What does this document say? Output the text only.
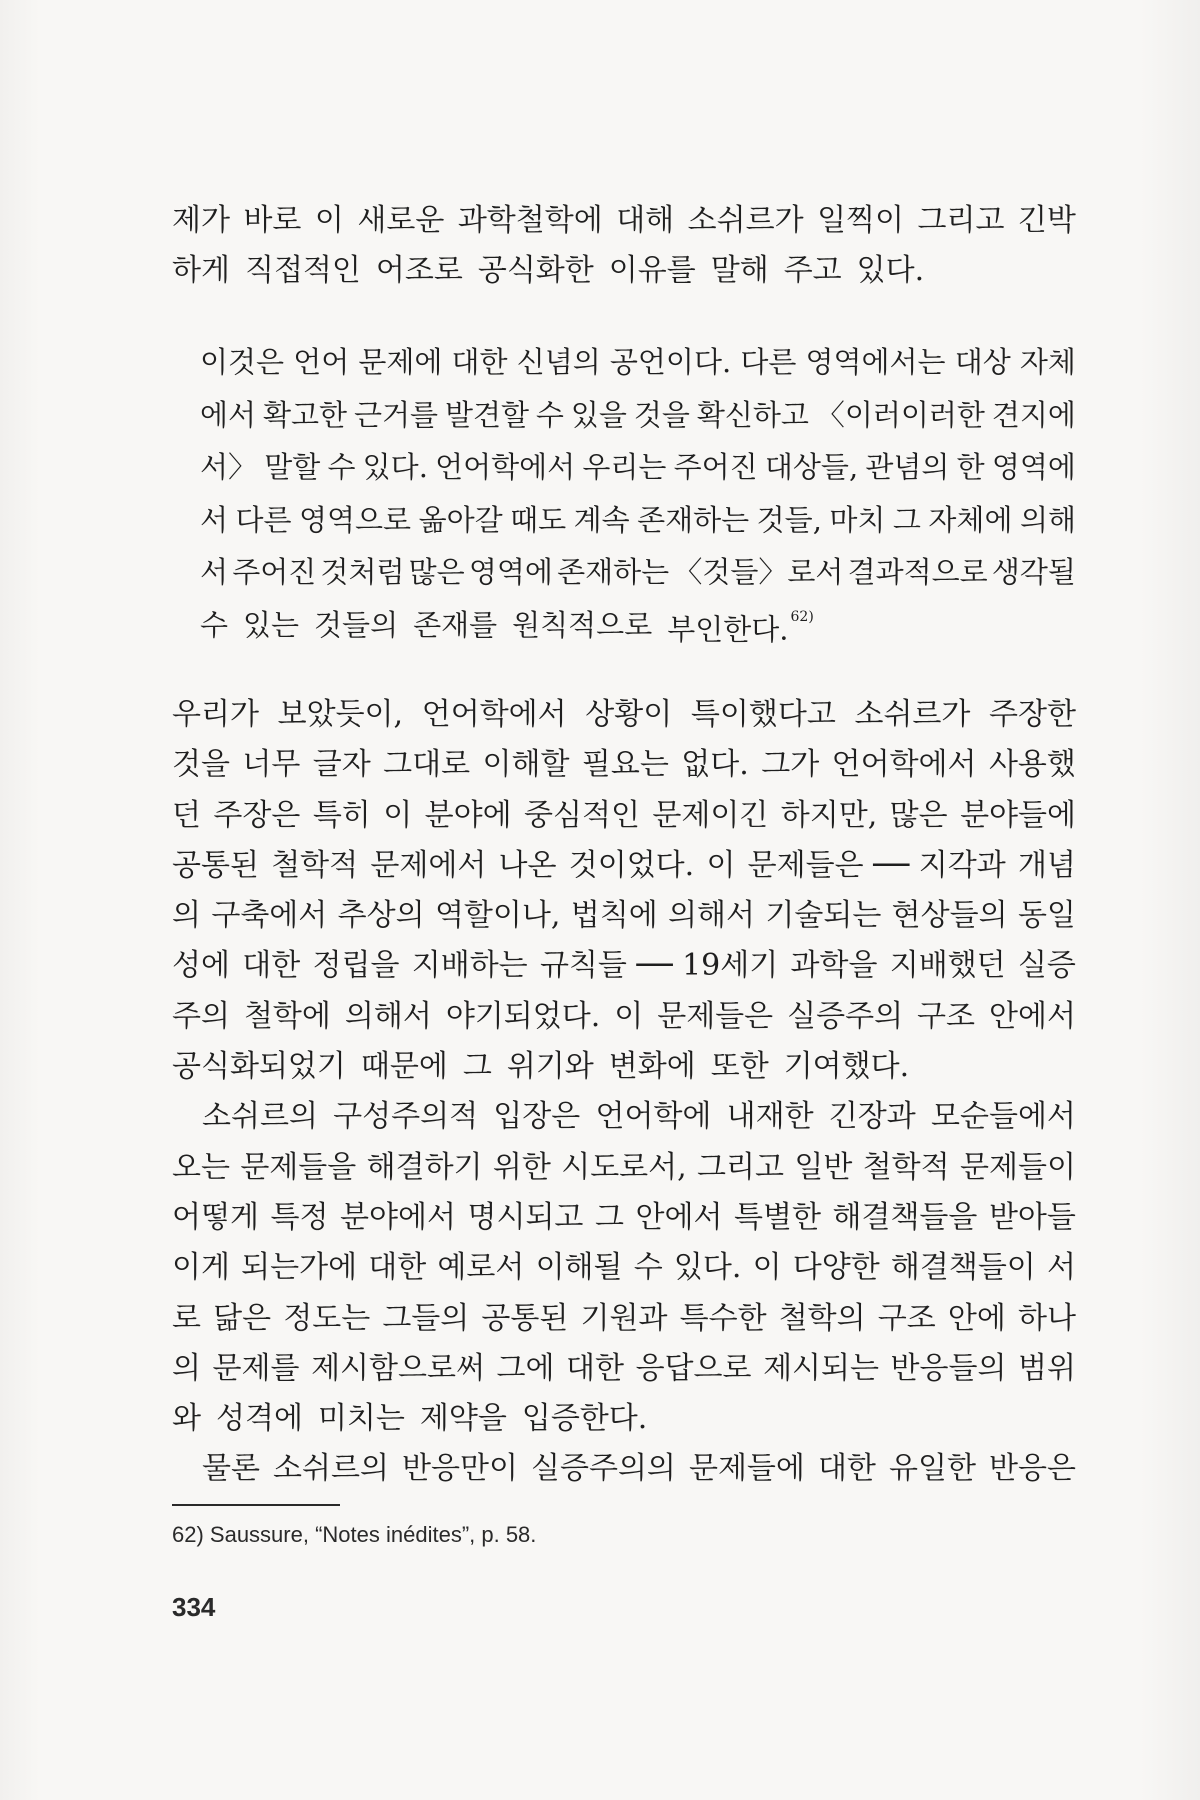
제가 바로 이 새로운 과학철학에 대해 소쉬르가 일찍이 그리고 긴박
하게 직접적인 어조로 공식화한 이유를 말해 주고 있다.
이것은 언어 문제에 대한 신념의 공언이다. 다른 영역에서는 대상 자체
에서 확고한 근거를 발견할 수 있을 것을 확신하고 〈이러이러한 견지에
서〉 말할 수 있다. 언어학에서 우리는 주어진 대상들, 관념의 한 영역에
서 다른 영역으로 옮아갈 때도 계속 존재하는 것들, 마치 그 자체에 의해
서 주어진 것처럼 많은 영역에 존재하는 〈것들〉로서 결과적으로 생각될
수 있는 것들의 존재를 원칙적으로 부인한다. $^{62)}$
우리가 보았듯이, 언어학에서 상황이 특이했다고 소쉬르가 주장한
것을 너무 글자 그대로 이해할 필요는 없다. 그가 언어학에서 사용했
던 주장은 특히 이 분야에 중심적인 문제이긴 하지만, 많은 분야들에
공통된 철학적 문제에서 나온 것이었다. 이 문제들은 ── 지각과 개념
의 구축에서 추상의 역할이나, 법칙에 의해서 기술되는 현상들의 동일
성에 대한 정립을 지배하는 규칙들 ── 19세기 과학을 지배했던 실증
주의 철학에 의해서 야기되었다. 이 문제들은 실증주의 구조 안에서
공식화되었기 때문에 그 위기와 변화에 또한 기여했다.
　소쉬르의 구성주의적 입장은 언어학에 내재한 긴장과 모순들에서
오는 문제들을 해결하기 위한 시도로서, 그리고 일반 철학적 문제들이
어떻게 특정 분야에서 명시되고 그 안에서 특별한 해결책들을 받아들
이게 되는가에 대한 예로서 이해될 수 있다. 이 다양한 해결책들이 서
로 닮은 정도는 그들의 공통된 기원과 특수한 철학의 구조 안에 하나
의 문제를 제시함으로써 그에 대한 응답으로 제시되는 반응들의 범위
와 성격에 미치는 제약을 입증한다.
　물론 소쉬르의 반응만이 실증주의의 문제들에 대한 유일한 반응은
62) Saussure, “Notes inédites”, p. 58.
334
